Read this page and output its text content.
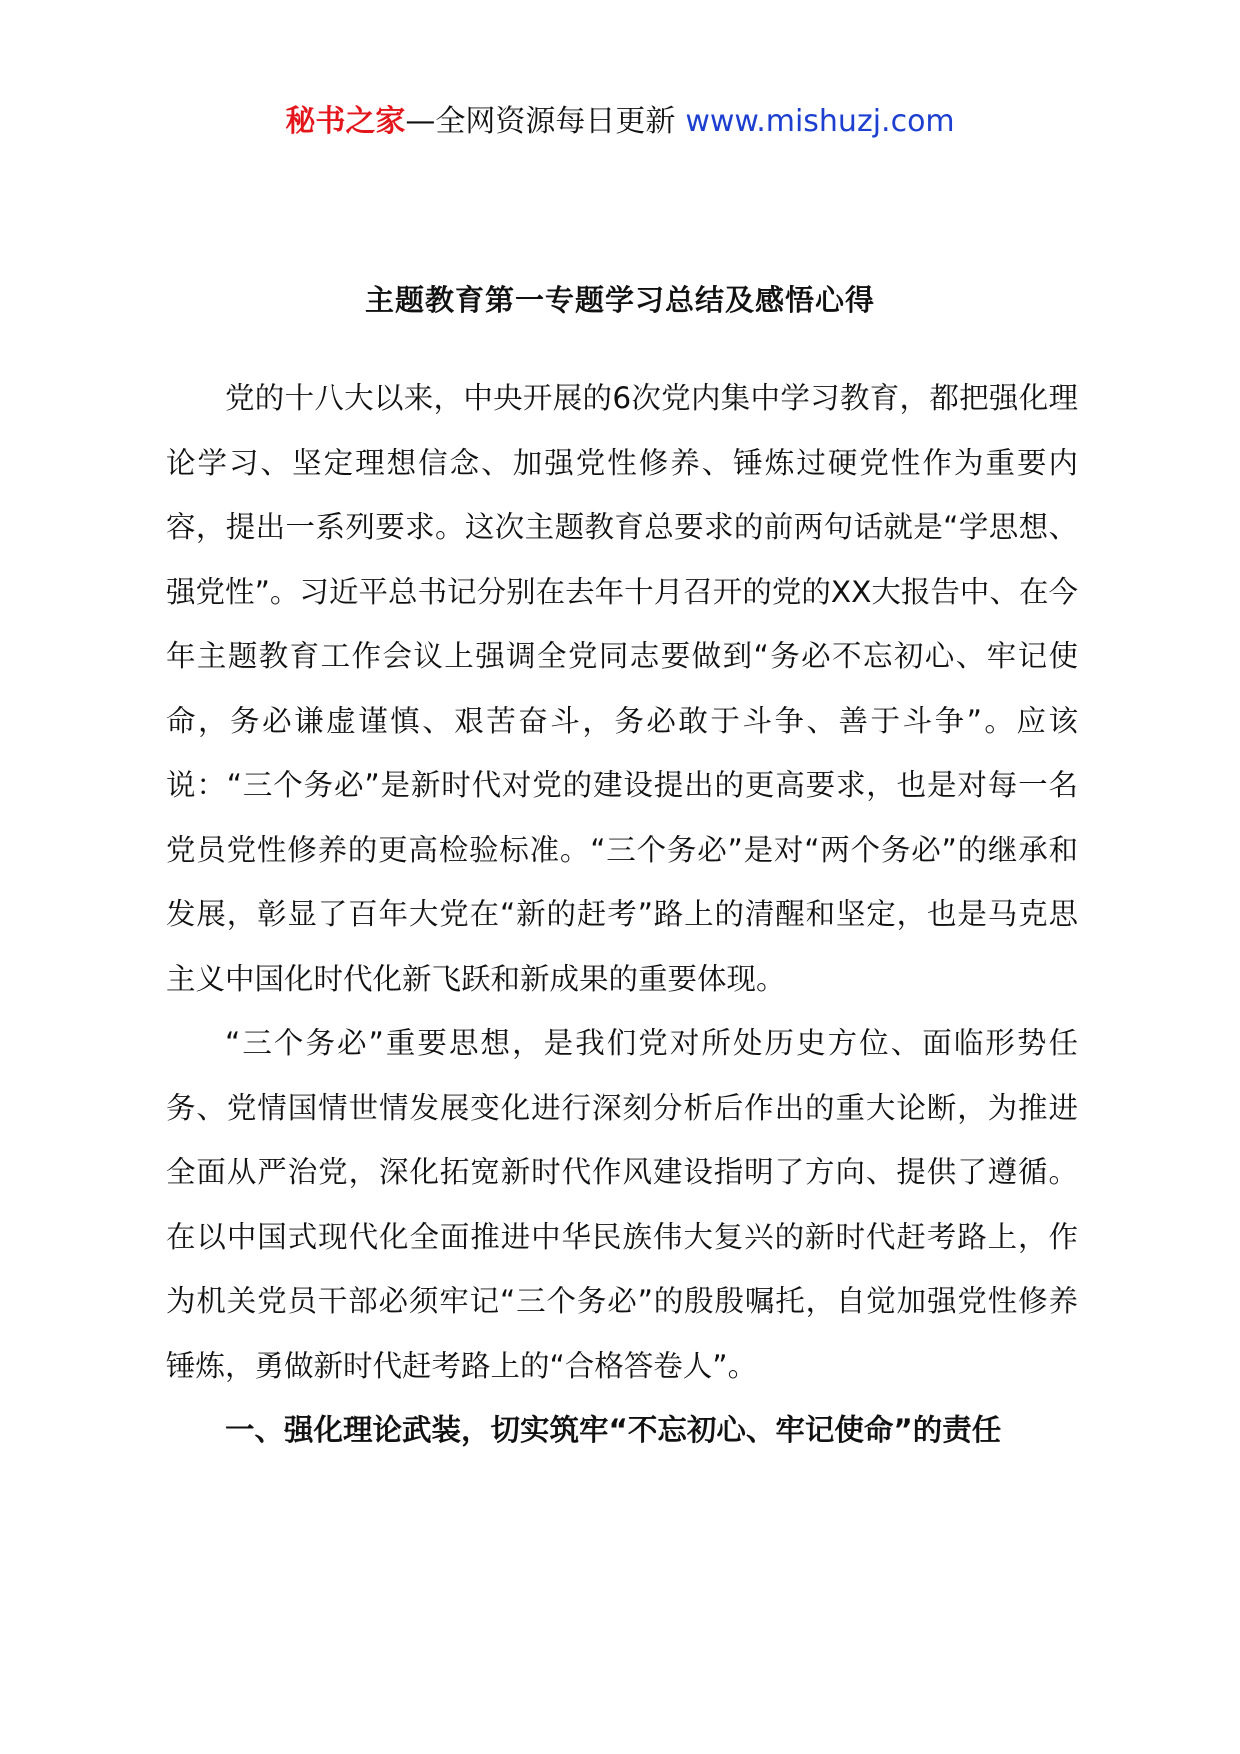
秘书之家—全网资源每日更新 www.mishuzj.com
主题教育第一专题学习总结及感悟心得

党的十八大以来，中央开展的6次党内集中学习教育，都把强化理论学习、坚定理想信念、加强党性修养、锤炼过硬党性作为重要内容，提出一系列要求。这次主题教育总要求的前两句话就是“学思想、强党性”。习近平总书记分别在去年十月召开的党的XX大报告中、在今年主题教育工作会议上强调全党同志要做到“务必不忘初心、牢记使命，务必谦虚谨慎、艰苦奋斗，务必敢于斗争、善于斗争”。应该说：“三个务必”是新时代对党的建设提出的更高要求，也是对每一名党员党性修养的更高检验标准。“三个务必”是对“两个务必”的继承和发展，彰显了百年大党在“新的赶考”路上的清醒和坚定，也是马克思主义中国化时代化新飞跃和新成果的重要体现。

“三个务必”重要思想，是我们党对所处历史方位、面临形势任务、党情国情世情发展变化进行深刻分析后作出的重大论断，为推进全面从严治党，深化拓宽新时代作风建设指明了方向、提供了遵循。在以中国式现代化全面推进中华民族伟大复兴的新时代赶考路上，作为机关党员干部必须牢记“三个务必”的殷殷嘱托，自觉加强党性修养锤炼，勇做新时代赶考路上的“合格答卷人”。

一、强化理论武装，切实筑牢“不忘初心、牢记使命”的责任
